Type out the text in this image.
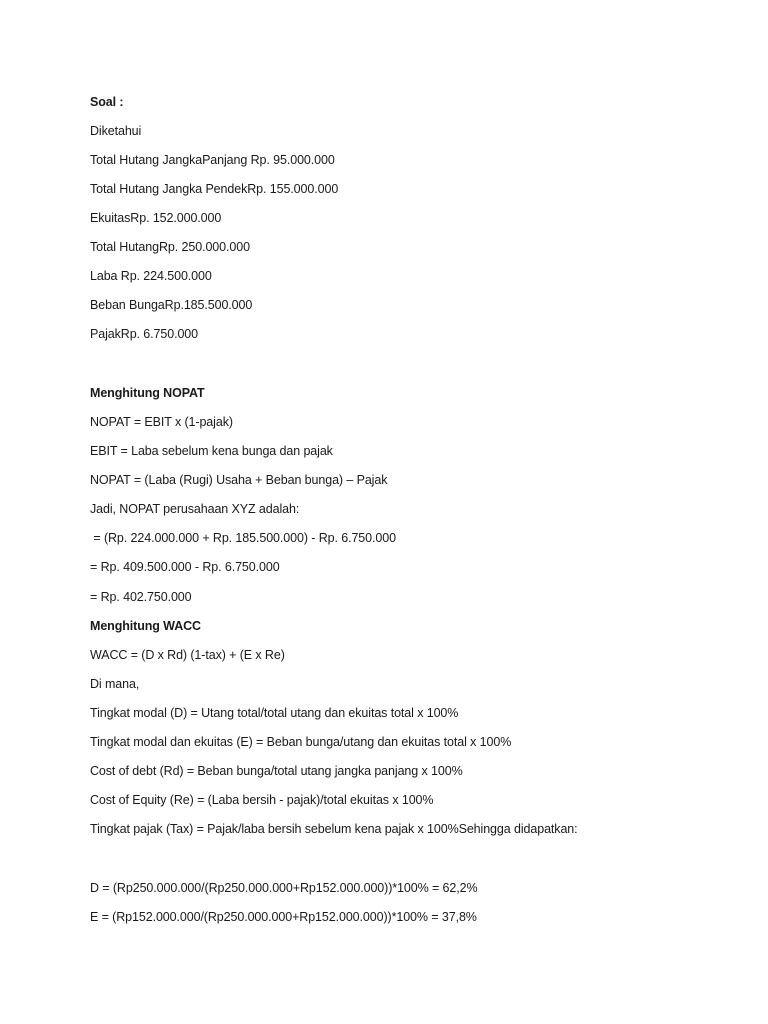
Soal :
Diketahui
Total Hutang JangkaPanjang Rp. 95.000.000
Total Hutang Jangka PendekRp. 155.000.000
EkuitasRp. 152.000.000
Total HutangRp. 250.000.000
Laba Rp. 224.500.000
Beban BungaRp.185.500.000
PajakRp. 6.750.000
Menghitung NOPAT
NOPAT = EBIT x (1-pajak)
EBIT = Laba sebelum kena bunga dan pajak
NOPAT = (Laba (Rugi) Usaha + Beban bunga) – Pajak
Jadi, NOPAT perusahaan XYZ adalah:
= (Rp. 224.000.000 + Rp. 185.500.000) - Rp. 6.750.000
= Rp. 409.500.000 - Rp. 6.750.000
= Rp. 402.750.000
Menghitung WACC
WACC = (D x Rd) (1-tax) + (E x Re)
Di mana,
Tingkat modal (D) = Utang total/total utang dan ekuitas total x 100%
Tingkat modal dan ekuitas (E) = Beban bunga/utang dan ekuitas total x 100%
Cost of debt (Rd) = Beban bunga/total utang jangka panjang x 100%
Cost of Equity (Re) = (Laba bersih - pajak)/total ekuitas x 100%
Tingkat pajak (Tax) = Pajak/laba bersih sebelum kena pajak x 100%Sehingga didapatkan:
D = (Rp250.000.000/(Rp250.000.000+Rp152.000.000))*100% = 62,2%
E = (Rp152.000.000/(Rp250.000.000+Rp152.000.000))*100% = 37,8%
